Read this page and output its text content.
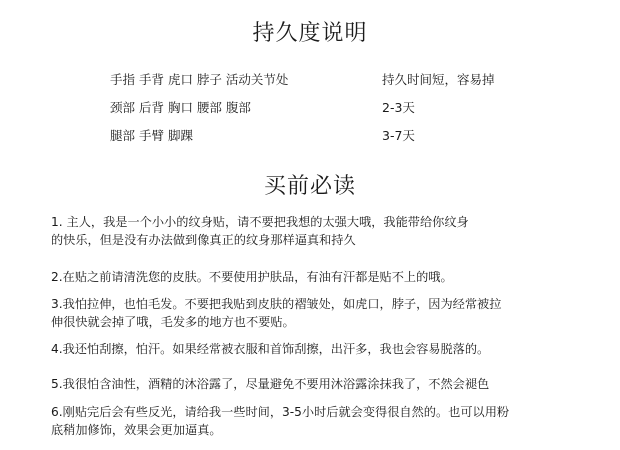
持久度说明
手指 手背 虎口 脖子 活动关节处	持久时间短，容易掉
颈部 后背 胸口 腰部 腹部	2-3天
腿部 手臂 脚踝	3-7天
买前必读

1. 主人，我是一个小小的纹身贴，请不要把我想的太强大哦，我能带给你纹身
的快乐，但是没有办法做到像真正的纹身那样逼真和持久

2.在贴之前请清洗您的皮肤。不要使用护肤品，有油有汗都是贴不上的哦。

3.我怕拉伸，也怕毛发。不要把我贴到皮肤的褶皱处，如虎口，脖子，因为经常被拉
伸很快就会掉了哦，毛发多的地方也不要贴。

4.我还怕刮擦，怕汗。如果经常被衣服和首饰刮擦，出汗多，我也会容易脱落的。

5.我很怕含油性，酒精的沐浴露了，尽量避免不要用沐浴露涂抹我了，不然会褪色

6.刚贴完后会有些反光，请给我一些时间，3-5小时后就会变得很自然的。也可以用粉
底稍加修饰，效果会更加逼真。
